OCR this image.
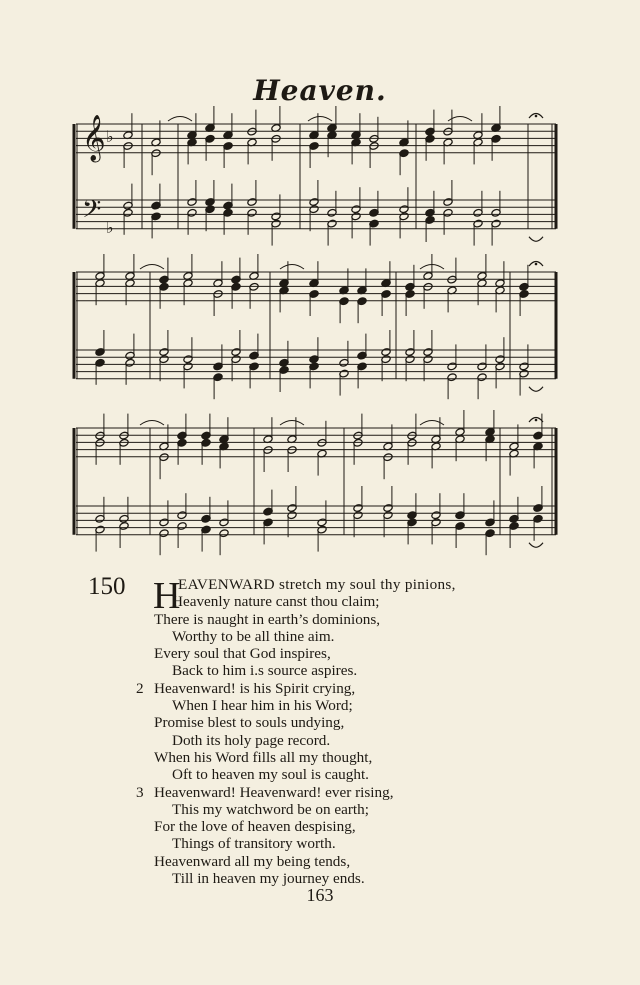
Heaven.
𝄞
𝄢
♭
♭
150 H
EAVENWARD stretch my soul thy pinions,
Heavenly nature canst thou claim;
There is naught in earth’s dominions,
Worthy to be all thine aim.
Every soul that God inspires,
Back to him i.s source aspires.
2 Heavenward! is his Spirit crying,
When I hear him in his Word;
Promise blest to souls undying,
Doth its holy page record.
When his Word fills all my thought,
Oft to heaven my soul is caught.
3 Heavenward! Heavenward! ever rising,
This my watchword be on earth;
For the love of heaven despising,
Things of transitory worth.
Heavenward all my being tends,
Till in heaven my journey ends.
163
